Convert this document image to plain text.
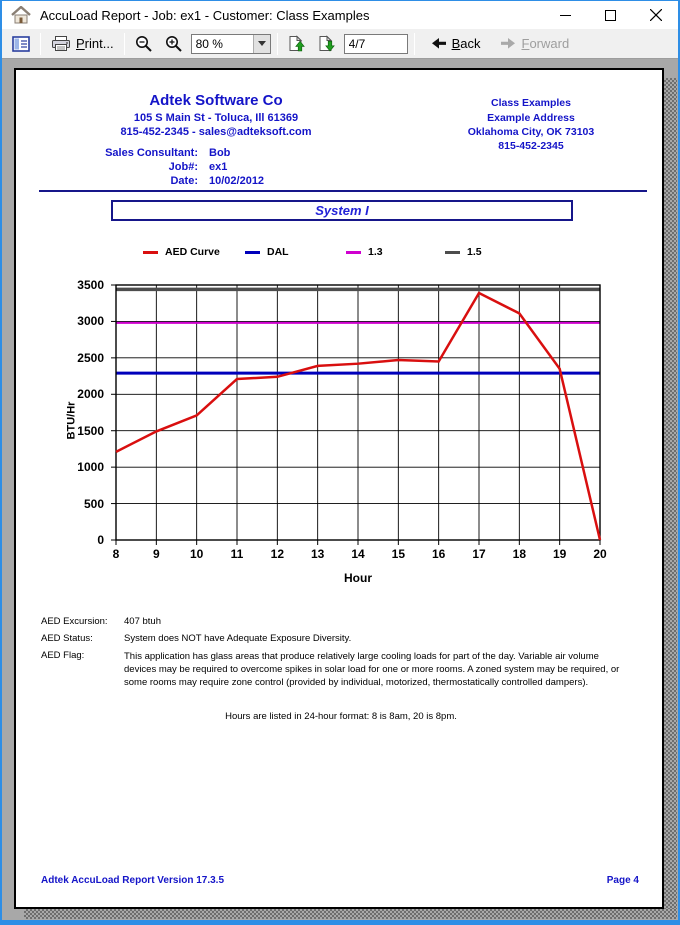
AccuLoad Report - Job: ex1 - Customer: Class Examples
Print...	80 %
4/7	Back	Forward
Adtek Software Co
105 S Main St - Toluca, Ill 61369
815-452-2345 - sales@adteksoft.com
Class Examples
Example Address
Oklahoma City, OK 73103
815-452-2345
Sales Consultant: Bob
Job#: ex1
Date: 10/02/2012
System I
AED Curve	DAL	1.3	1.5
3500
3000
2500
2000
1500
1000
500
0
8	9	10	11	12	13	14	15	16	17	18	19	20
BTU/Hr
Hour
AED Excursion:	407 btuh
AED Status:	System does NOT have Adequate Exposure Diversity.
AED Flag:	This application has glass areas that produce relatively large cooling loads for part of the day. Variable air volume devices may be required to overcome spikes in solar load for one or more rooms. A zoned system may be required, or some rooms may require zone control (provided by individual, motorized, thermostatically controlled dampers).
Hours are listed in 24-hour format: 8 is 8am, 20 is 8pm.
Adtek AccuLoad Report Version 17.3.5	Page 4
